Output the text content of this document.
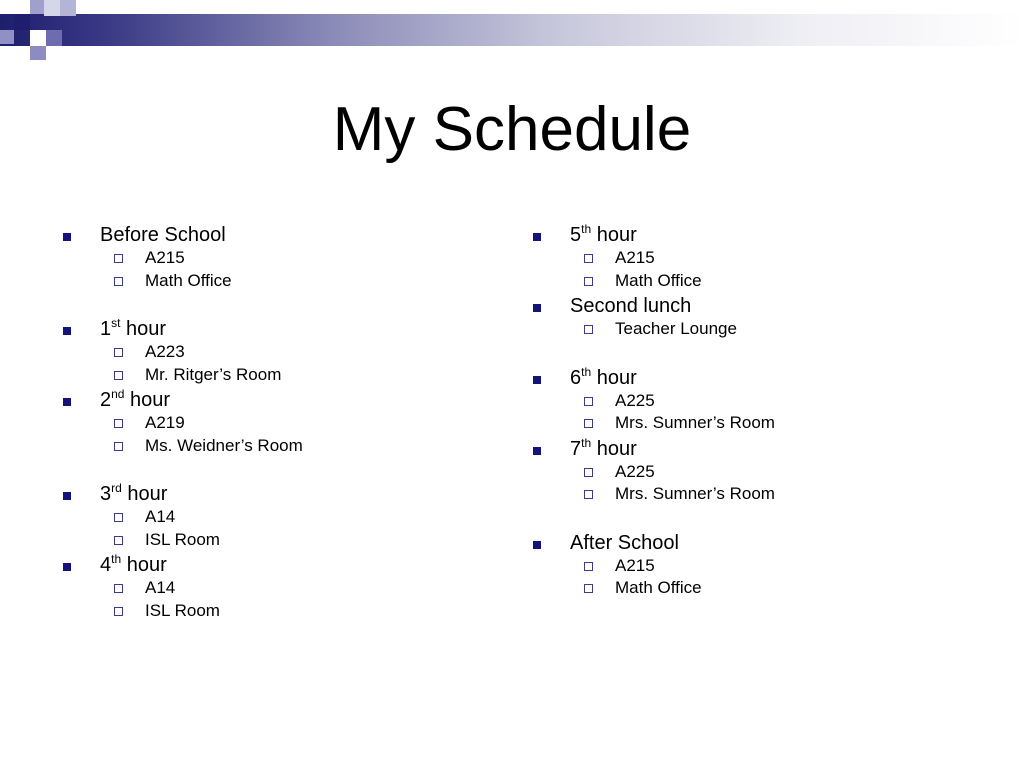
My Schedule
Before School
A215
Math Office
1st hour
A223
Mr. Ritger’s Room
2nd hour
A219
Ms. Weidner’s Room
3rd hour
A14
ISL Room
4th hour
A14
ISL Room
5th hour
A215
Math Office
Second lunch
Teacher Lounge
6th hour
A225
Mrs. Sumner’s Room
7th hour
A225
Mrs. Sumner’s Room
After School
A215
Math Office
